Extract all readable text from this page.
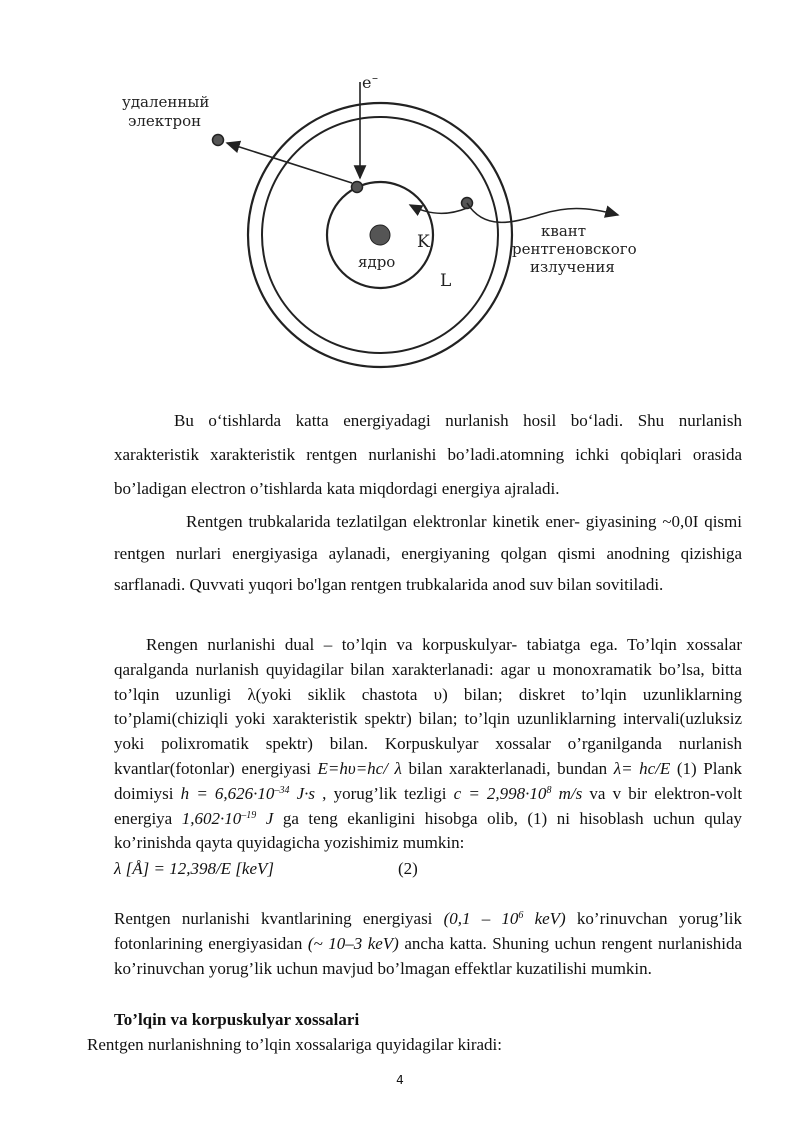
e –
удаленный
электрон
ядро
K
L
квант
рентгеновского
излучения

Bu o‘tishlarda katta energiyadagi nurlanish hosil bo‘ladi. Shu nurlanish xarakteristik xarakteristik rentgen nurlanishi bo’ladi.atomning ichki qobiqlari orasida bo’ladigan electron o’tishlarda kata miqdordagi energiya ajraladi.

Rentgen trubkalarida tezlatilgan elektronlar kinetik ener- giyasining ~0,0I qismi rentgen nurlari energiyasiga aylanadi, energiyaning qolgan qismi anodning qizishiga sarflanadi. Quvvati yuqori bo'lgan rentgen trubkalarida anod suv bilan sovitiladi.

Rengen nurlanishi dual – to’lqin va korpuskulyar- tabiatga ega. To’lqin xossalar qaralganda nurlanish quyidagilar bilan xarakterlanadi: agar u monoxramatik bo’lsa, bitta to’lqin uzunligi λ(yoki siklik chastota υ) bilan; diskret to’lqin uzunliklarning to’plami(chiziqli yoki xarakteristik spektr) bilan; to’lqin uzunliklarning intervali(uzluksiz yoki polixromatik spektr) bilan. Korpuskulyar xossalar o’rganilganda nurlanish kvantlar(fotonlar) energiyasi E=hυ=hc/ λ bilan xarakterlanadi, bundan λ= hc/E (1) Plank doimiysi $h = 6,626\cdot 10^{-34}$ J·s , yorug’lik tezligi $c = 2,998\cdot 10^8$ m/s va v bir elektron-volt energiya $1,602\cdot 10^{-19}$ J ga teng ekanligini hisobga olib, (1) ni hisoblash uchun qulay ko’rinishda qayta quyidagicha yozishimiz mumkin:

λ [Å] = 12,398/E [keV]	(2)

Rentgen nurlanishi kvantlarining energiyasi ($0,1 - 10^6$ keV) ko’rinuvchan yorug’lik fotonlarining energiyasidan (~ 10–3 keV) ancha katta. Shuning uchun rengent nurlanishida ko’rinuvchan yorug’lik uchun mavjud bo’lmagan effektlar kuzatilishi mumkin.

To’lqin va korpuskulyar xossalari
Rentgen nurlanishning to’lqin xossalariga quyidagilar kiradi:
4
